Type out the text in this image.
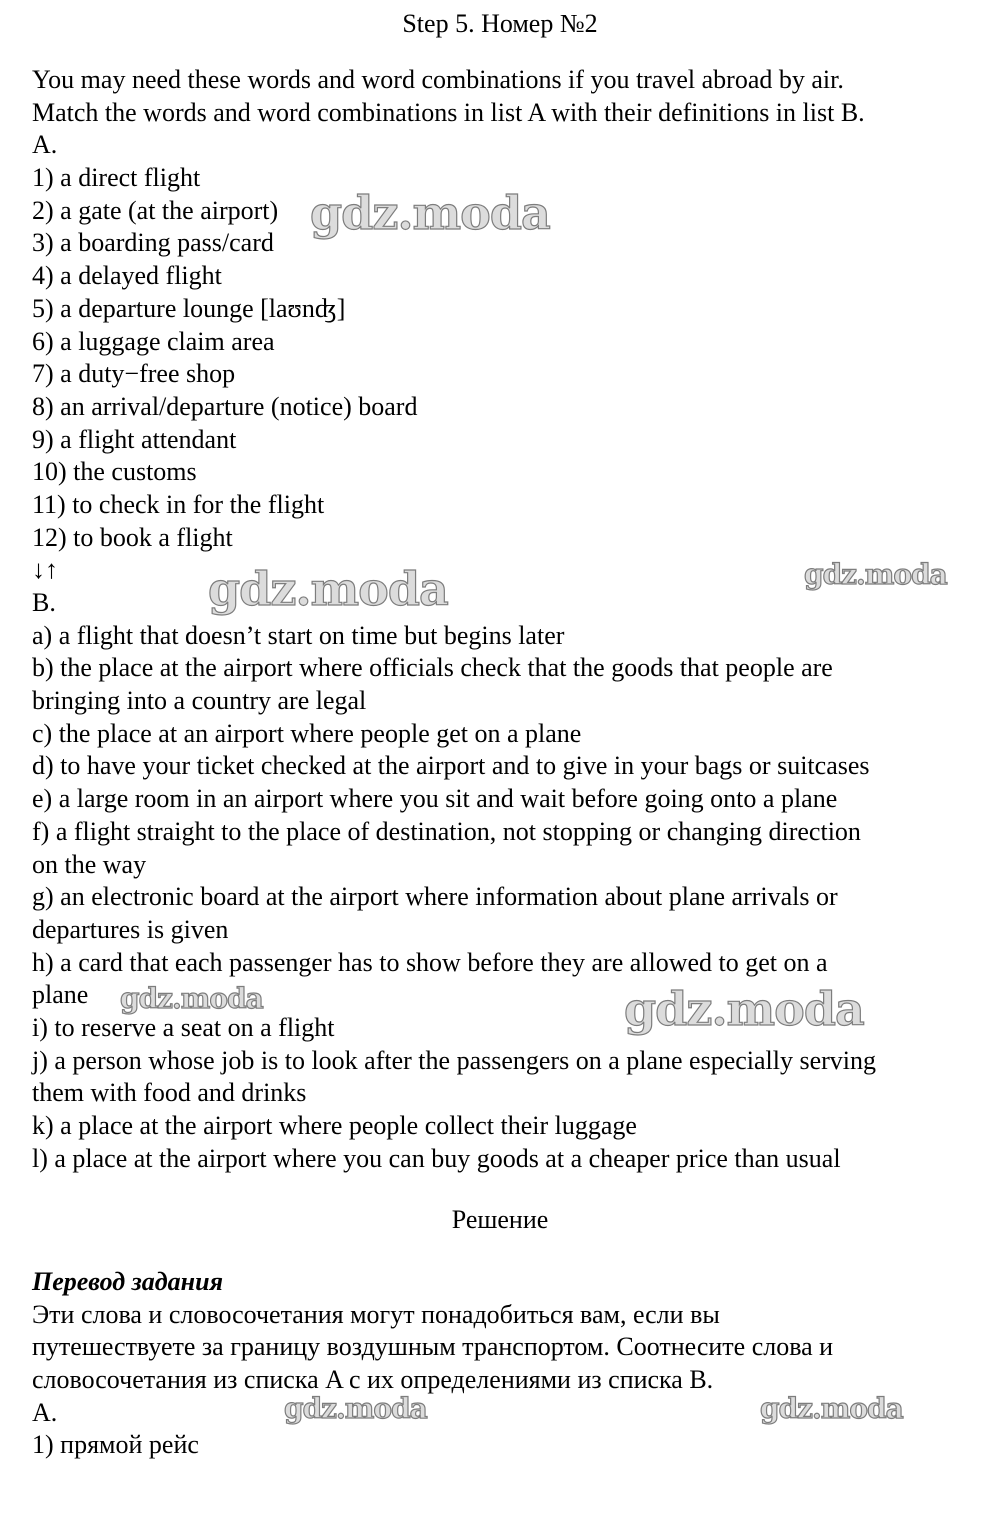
Step 5. Номер №2
You may need these words and word combinations if you travel abroad by air.
Match the words and word combinations in list A with their definitions in list B.
A.
1) a direct flight
2) a gate (at the airport)
3) a boarding pass/card
4) a delayed flight
5) a departure lounge [laʊnʤ]
6) a luggage claim area
7) a duty−free shop
8) an arrival/departure (notice) board
9) a flight attendant
10) the customs
11) to check in for the flight
12) to book a flight
↓↑
B.
a) a flight that doesn’t start on time but begins later
b) the place at the airport where officials check that the goods that people are
bringing into a country are legal
c) the place at an airport where people get on a plane
d) to have your ticket checked at the airport and to give in your bags or suitcases
e) a large room in an airport where you sit and wait before going onto a plane
f) a flight straight to the place of destination, not stopping or changing direction
on the way
g) an electronic board at the airport where information about plane arrivals or
departures is given
h) a card that each passenger has to show before they are allowed to get on a
plane
i) to reserve a seat on a flight
j) a person whose job is to look after the passengers on a plane especially serving
them with food and drinks
k) a place at the airport where people collect their luggage
l) a place at the airport where you can buy goods at a cheaper price than usual
Решение
Перевод задания
Эти слова и словосочетания могут понадобиться вам, если вы
путешествуете за границу воздушным транспортом. Соотнесите слова и
словосочетания из списка A с их определениями из списка B.
A.
1) прямой рейс
gdz.moda
gdz.moda	gdz.moda
gdz.moda	gdz.moda
gdz.moda	gdz.moda
